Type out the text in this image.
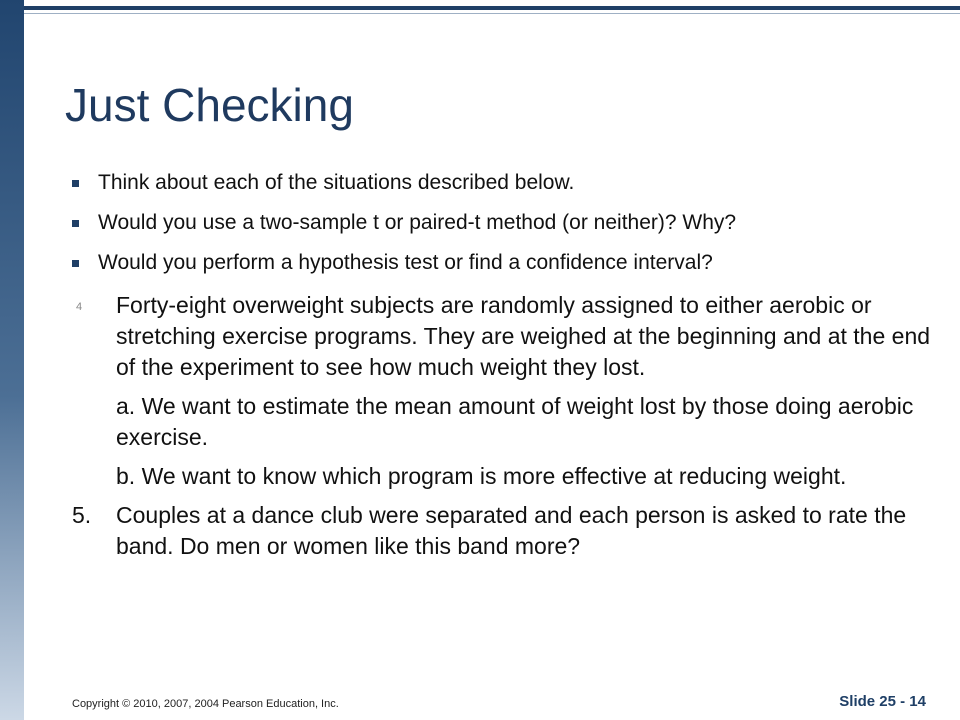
Just Checking
Think about each of the situations described below.
Would you use a two-sample t or paired-t method (or neither)? Why?
Would you perform a hypothesis test or find a confidence interval?
4 Forty-eight overweight subjects are randomly assigned to either aerobic or stretching exercise programs. They are weighed at the beginning and at the end of the experiment to see how much weight they lost.
a. We want to estimate the mean amount of weight lost by those doing aerobic exercise.
b. We want to know which program is more effective at reducing weight.
5. Couples at a dance club were separated and each person is asked to rate the band. Do men or women like this band more?
Copyright © 2010, 2007, 2004 Pearson Education, Inc.	Slide 25 - 14
